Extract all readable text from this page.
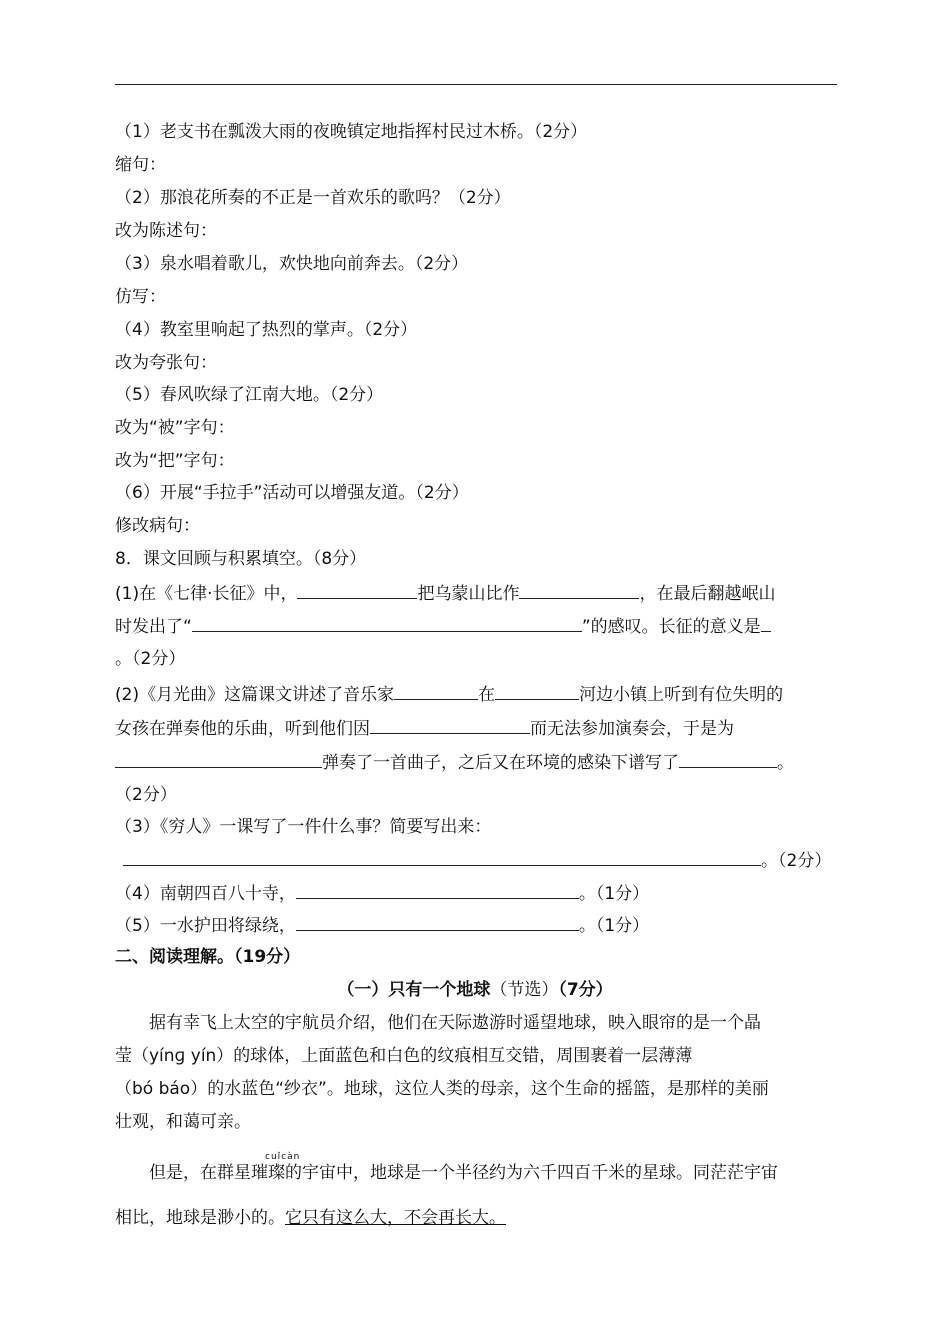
（1）老支书在瓢泼大雨的夜晚镇定地指挥村民过木桥。（2分）
缩句：
（2）那浪花所奏的不正是一首欢乐的歌吗？（2分）
改为陈述句：
（3）泉水唱着歌儿，欢快地向前奔去。（2分）
仿写：
（4）教室里响起了热烈的掌声。（2分）
改为夸张句：
（5）春风吹绿了江南大地。（2分）
改为“被”字句：
改为“把”字句：
（6）开展“手拉手”活动可以增强友道。（2分）
修改病句：
8．课文回顾与积累填空。（8分）
(1)在《七律·长征》中，	把乌蒙山比作	，在最后翻越岷山
时发出了“	”的感叹。长征的意义是
。（2分）
(2)《月光曲》这篇课文讲述了音乐家	在	河边小镇上听到有位失明的
女孩在弹奏他的乐曲，听到他们因	而无法参加演奏会，于是为
弹奏了一首曲子，之后又在环境的感染下谱写了	。
（2分）
（3）《穷人》一课写了一件什么事？简要写出来：
。（2分）
（4）南朝四百八十寺，	。（1分）
（5）一水护田将绿绕，	。（1分）
二、阅读理解。（19分）
（一）只有一个地球（节选）（7分）
　　据有幸飞上太空的宇航员介绍，他们在天际遨游时遥望地球，映入眼帘的是一个晶
莹（yínɡ yín）的球体，上面蓝色和白色的纹痕相互交错，周围裹着一层薄薄
（bó báo）的水蓝色“纱衣”。地球，这位人类的母亲，这个生命的摇篮，是那样的美丽
壮观，和蔼可亲。
cuǐcàn
　　但是，在群星璀璨的宇宙中，地球是一个半径约为六千四百千米的星球。同茫茫宇宙
相比，地球是渺小的。它只有这么大，不会再长大。
